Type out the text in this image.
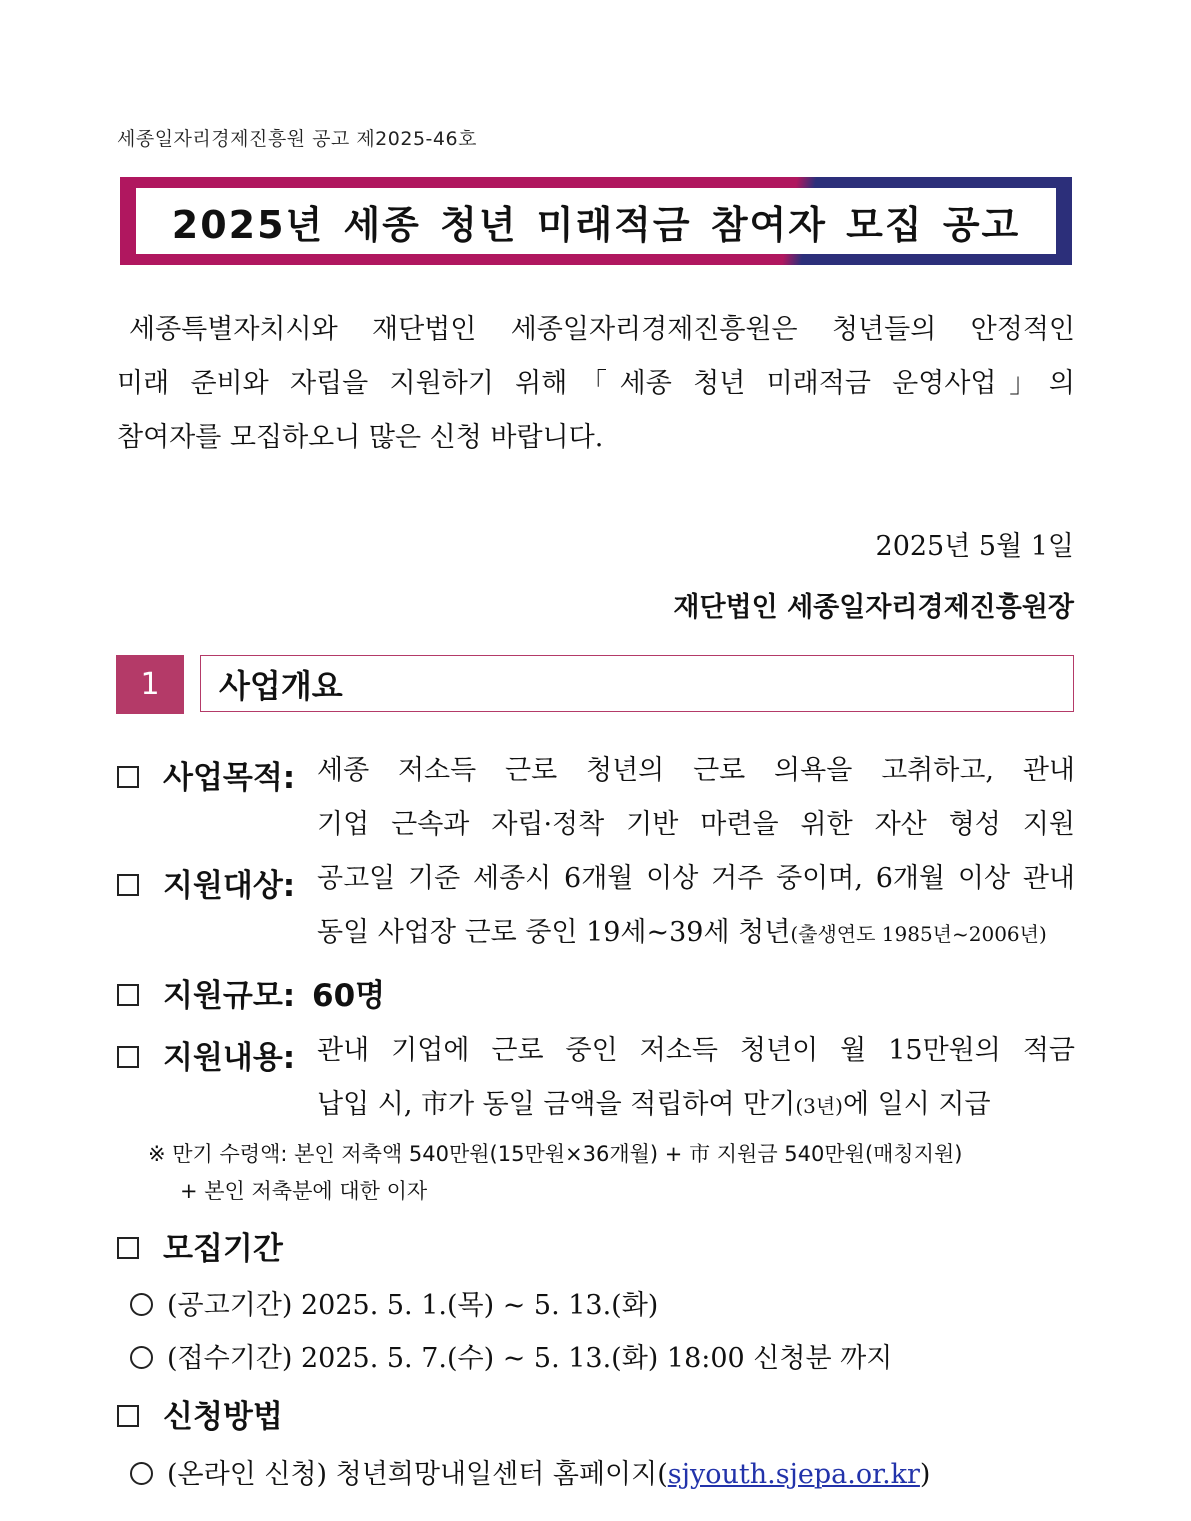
세종일자리경제진흥원 공고 제2025-46호
2025년 세종 청년 미래적금 참여자 모집 공고
세종특별자치시와 재단법인 세종일자리경제진흥원은 청년들의 안정적인
미래 준비와 자립을 지원하기 위해「세종 청년 미래적금 운영사업」의
참여자를 모집하오니 많은 신청 바랍니다.
2025년 5월 1일
재단법인 세종일자리경제진흥원장
1	사업개요
사업목적: 세종 저소득 근로 청년의 근로 의욕을 고취하고, 관내
기업 근속과 자립·정착 기반 마련을 위한 자산 형성 지원
지원대상: 공고일 기준 세종시 6개월 이상 거주 중이며, 6개월 이상 관내
동일 사업장 근로 중인 19세~39세 청년(출생연도 1985년~2006년)
지원규모: 60명
지원내용: 관내 기업에 근로 중인 저소득 청년이 월 15만원의 적금
납입 시, 市가 동일 금액을 적립하여 만기(3년)에 일시 지급
※ 만기 수령액: 본인 저축액 540만원(15만원×36개월) + 市 지원금 540만원(매칭지원)
+ 본인 저축분에 대한 이자
모집기간
(공고기간) 2025. 5. 1.(목) ~ 5. 13.(화)
(접수기간) 2025. 5. 7.(수) ~ 5. 13.(화) 18:00 신청분 까지
신청방법
(온라인 신청) 청년희망내일센터 홈페이지(sjyouth.sjepa.or.kr)
